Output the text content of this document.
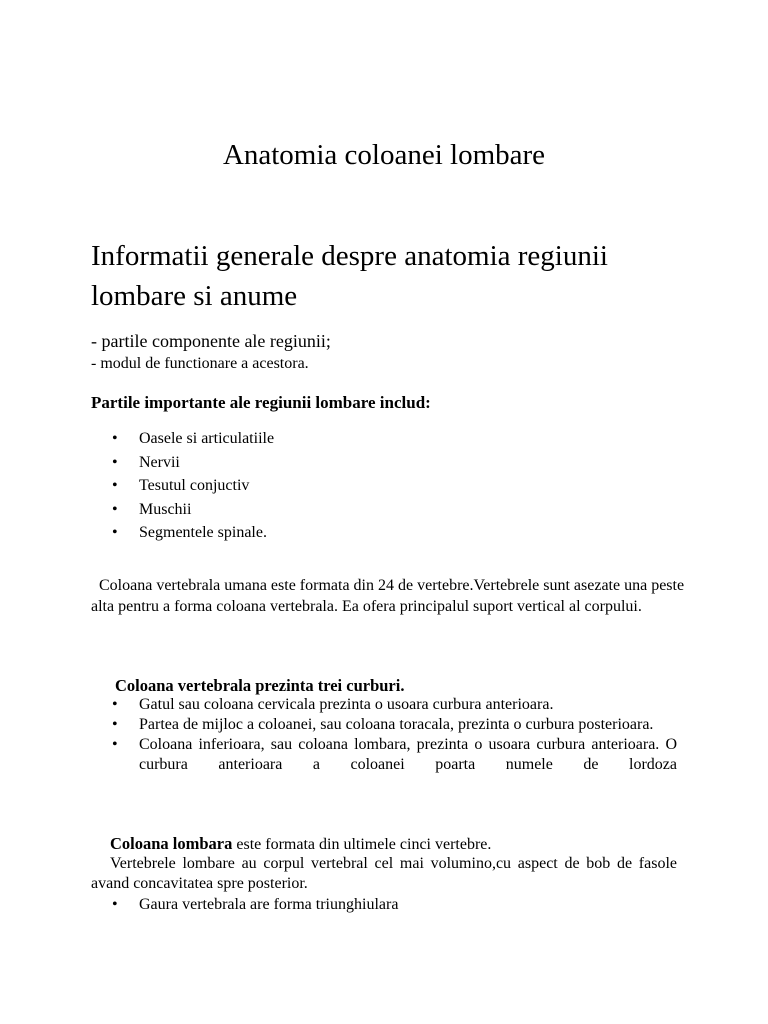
Anatomia coloanei lombare
Informatii generale despre anatomia regiunii
lombare si anume

- partile componente ale regiunii;

- modul de functionare a acestora.

Partile importante ale regiunii lombare includ:

• Oasele si articulatiile
• Nervii
• Tesutul conjuctiv
• Muschii
• Segmentele spinale.

Coloana vertebrala umana este formata din 24 de vertebre.Vertebrele sunt asezate una peste alta pentru a forma coloana vertebrala. Ea ofera principalul suport vertical al corpului.

Coloana vertebrala prezinta trei curburi.

• Gatul sau coloana cervicala prezinta o usoara curbura anterioara.
• Partea de mijloc a coloanei, sau coloana toracala, prezinta o curbura posterioara.
• Coloana inferioara, sau coloana lombara, prezinta o usoara curbura anterioara. O curbura anterioara a coloanei poarta numele de lordoza

Coloana lombara este formata din ultimele cinci vertebre.

Vertebrele lombare au corpul vertebral cel mai volumino,cu aspect de bob de fasole avand concavitatea spre posterior.

• Gaura vertebrala are forma triunghiulara
